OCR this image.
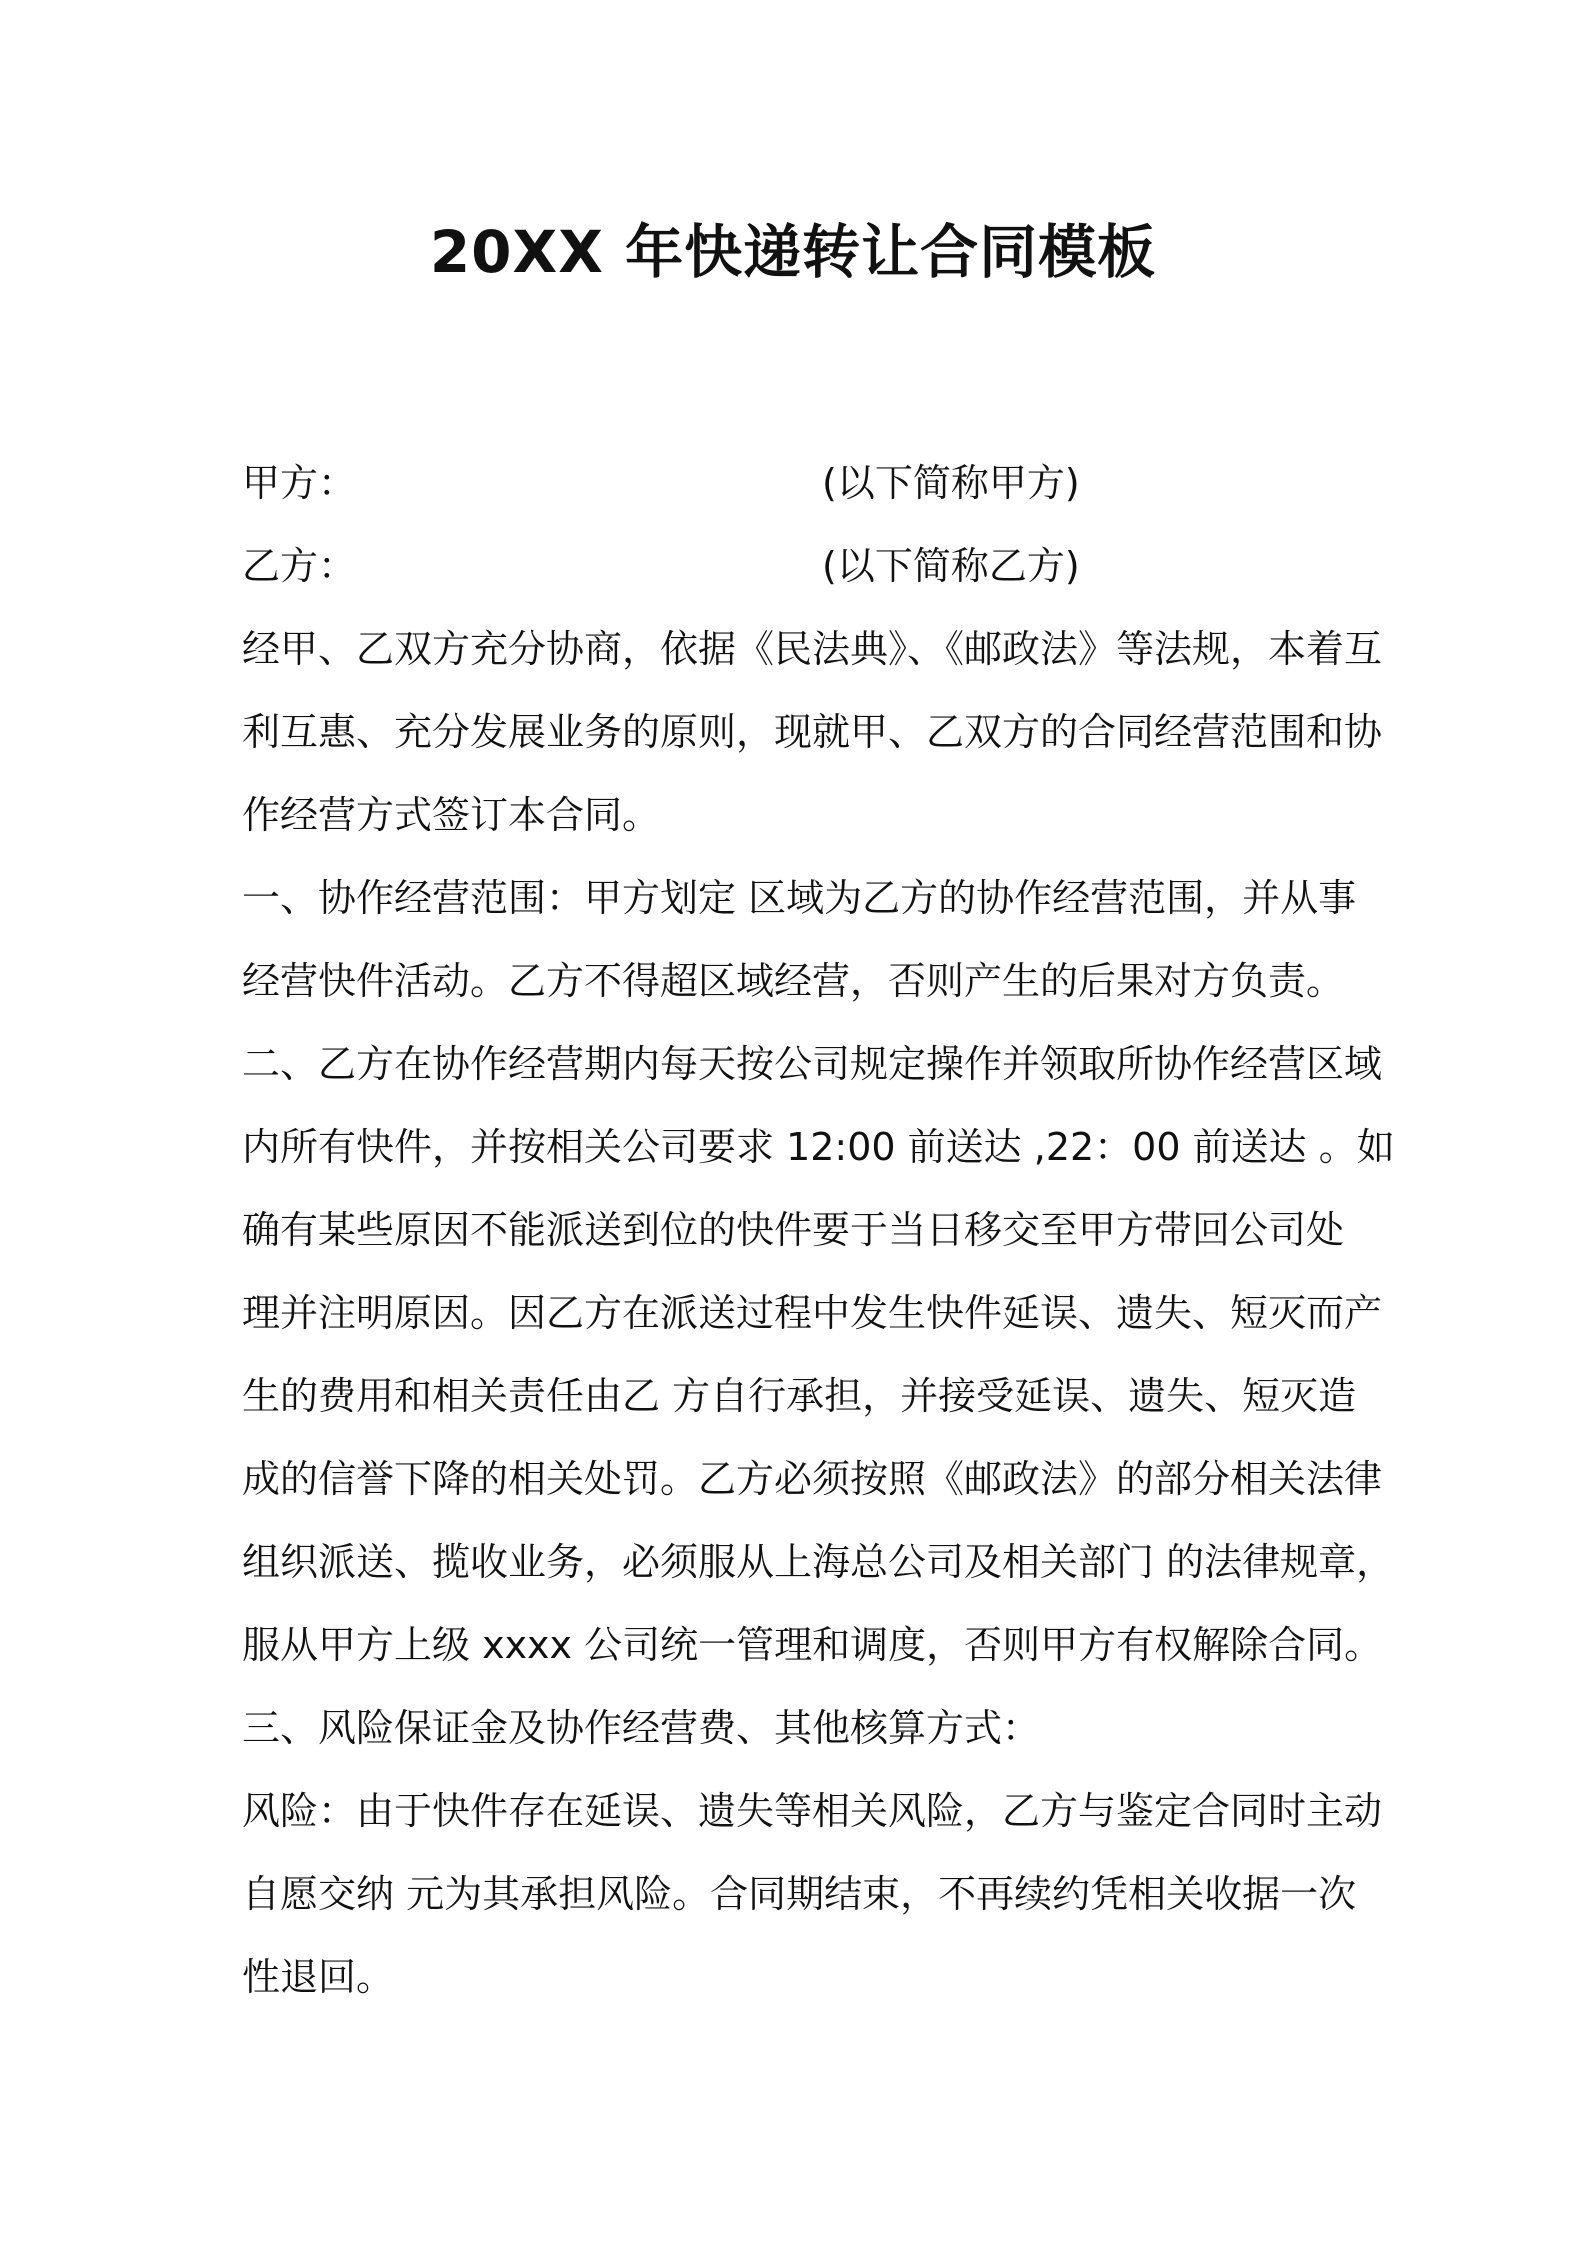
20XX 年快递转让合同模板
甲方：	(以下简称甲方)
乙方：	(以下简称乙方)
经甲、乙双方充分协商，依据《民法典》、《邮政法》等法规，本着互
利互惠、充分发展业务的原则，现就甲、乙双方的合同经营范围和协
作经营方式签订本合同。
一、协作经营范围：甲方划定 区域为乙方的协作经营范围，并从事
经营快件活动。乙方不得超区域经营，否则产生的后果对方负责。
二、乙方在协作经营期内每天按公司规定操作并领取所协作经营区域
内所有快件，并按相关公司要求 12:00 前送达 ,22：00 前送达 。如
确有某些原因不能派送到位的快件要于当日移交至甲方带回公司处
理并注明原因。因乙方在派送过程中发生快件延误、遗失、短灭而产
生的费用和相关责任由乙 方自行承担，并接受延误、遗失、短灭造
成的信誉下降的相关处罚。乙方必须按照《邮政法》的部分相关法律
组织派送、揽收业务，必须服从上海总公司及相关部门 的法律规章，
服从甲方上级 xxxx 公司统一管理和调度，否则甲方有权解除合同。
三、风险保证金及协作经营费、其他核算方式：
风险：由于快件存在延误、遗失等相关风险，乙方与鉴定合同时主动
自愿交纳 元为其承担风险。合同期结束，不再续约凭相关收据一次
性退回。
